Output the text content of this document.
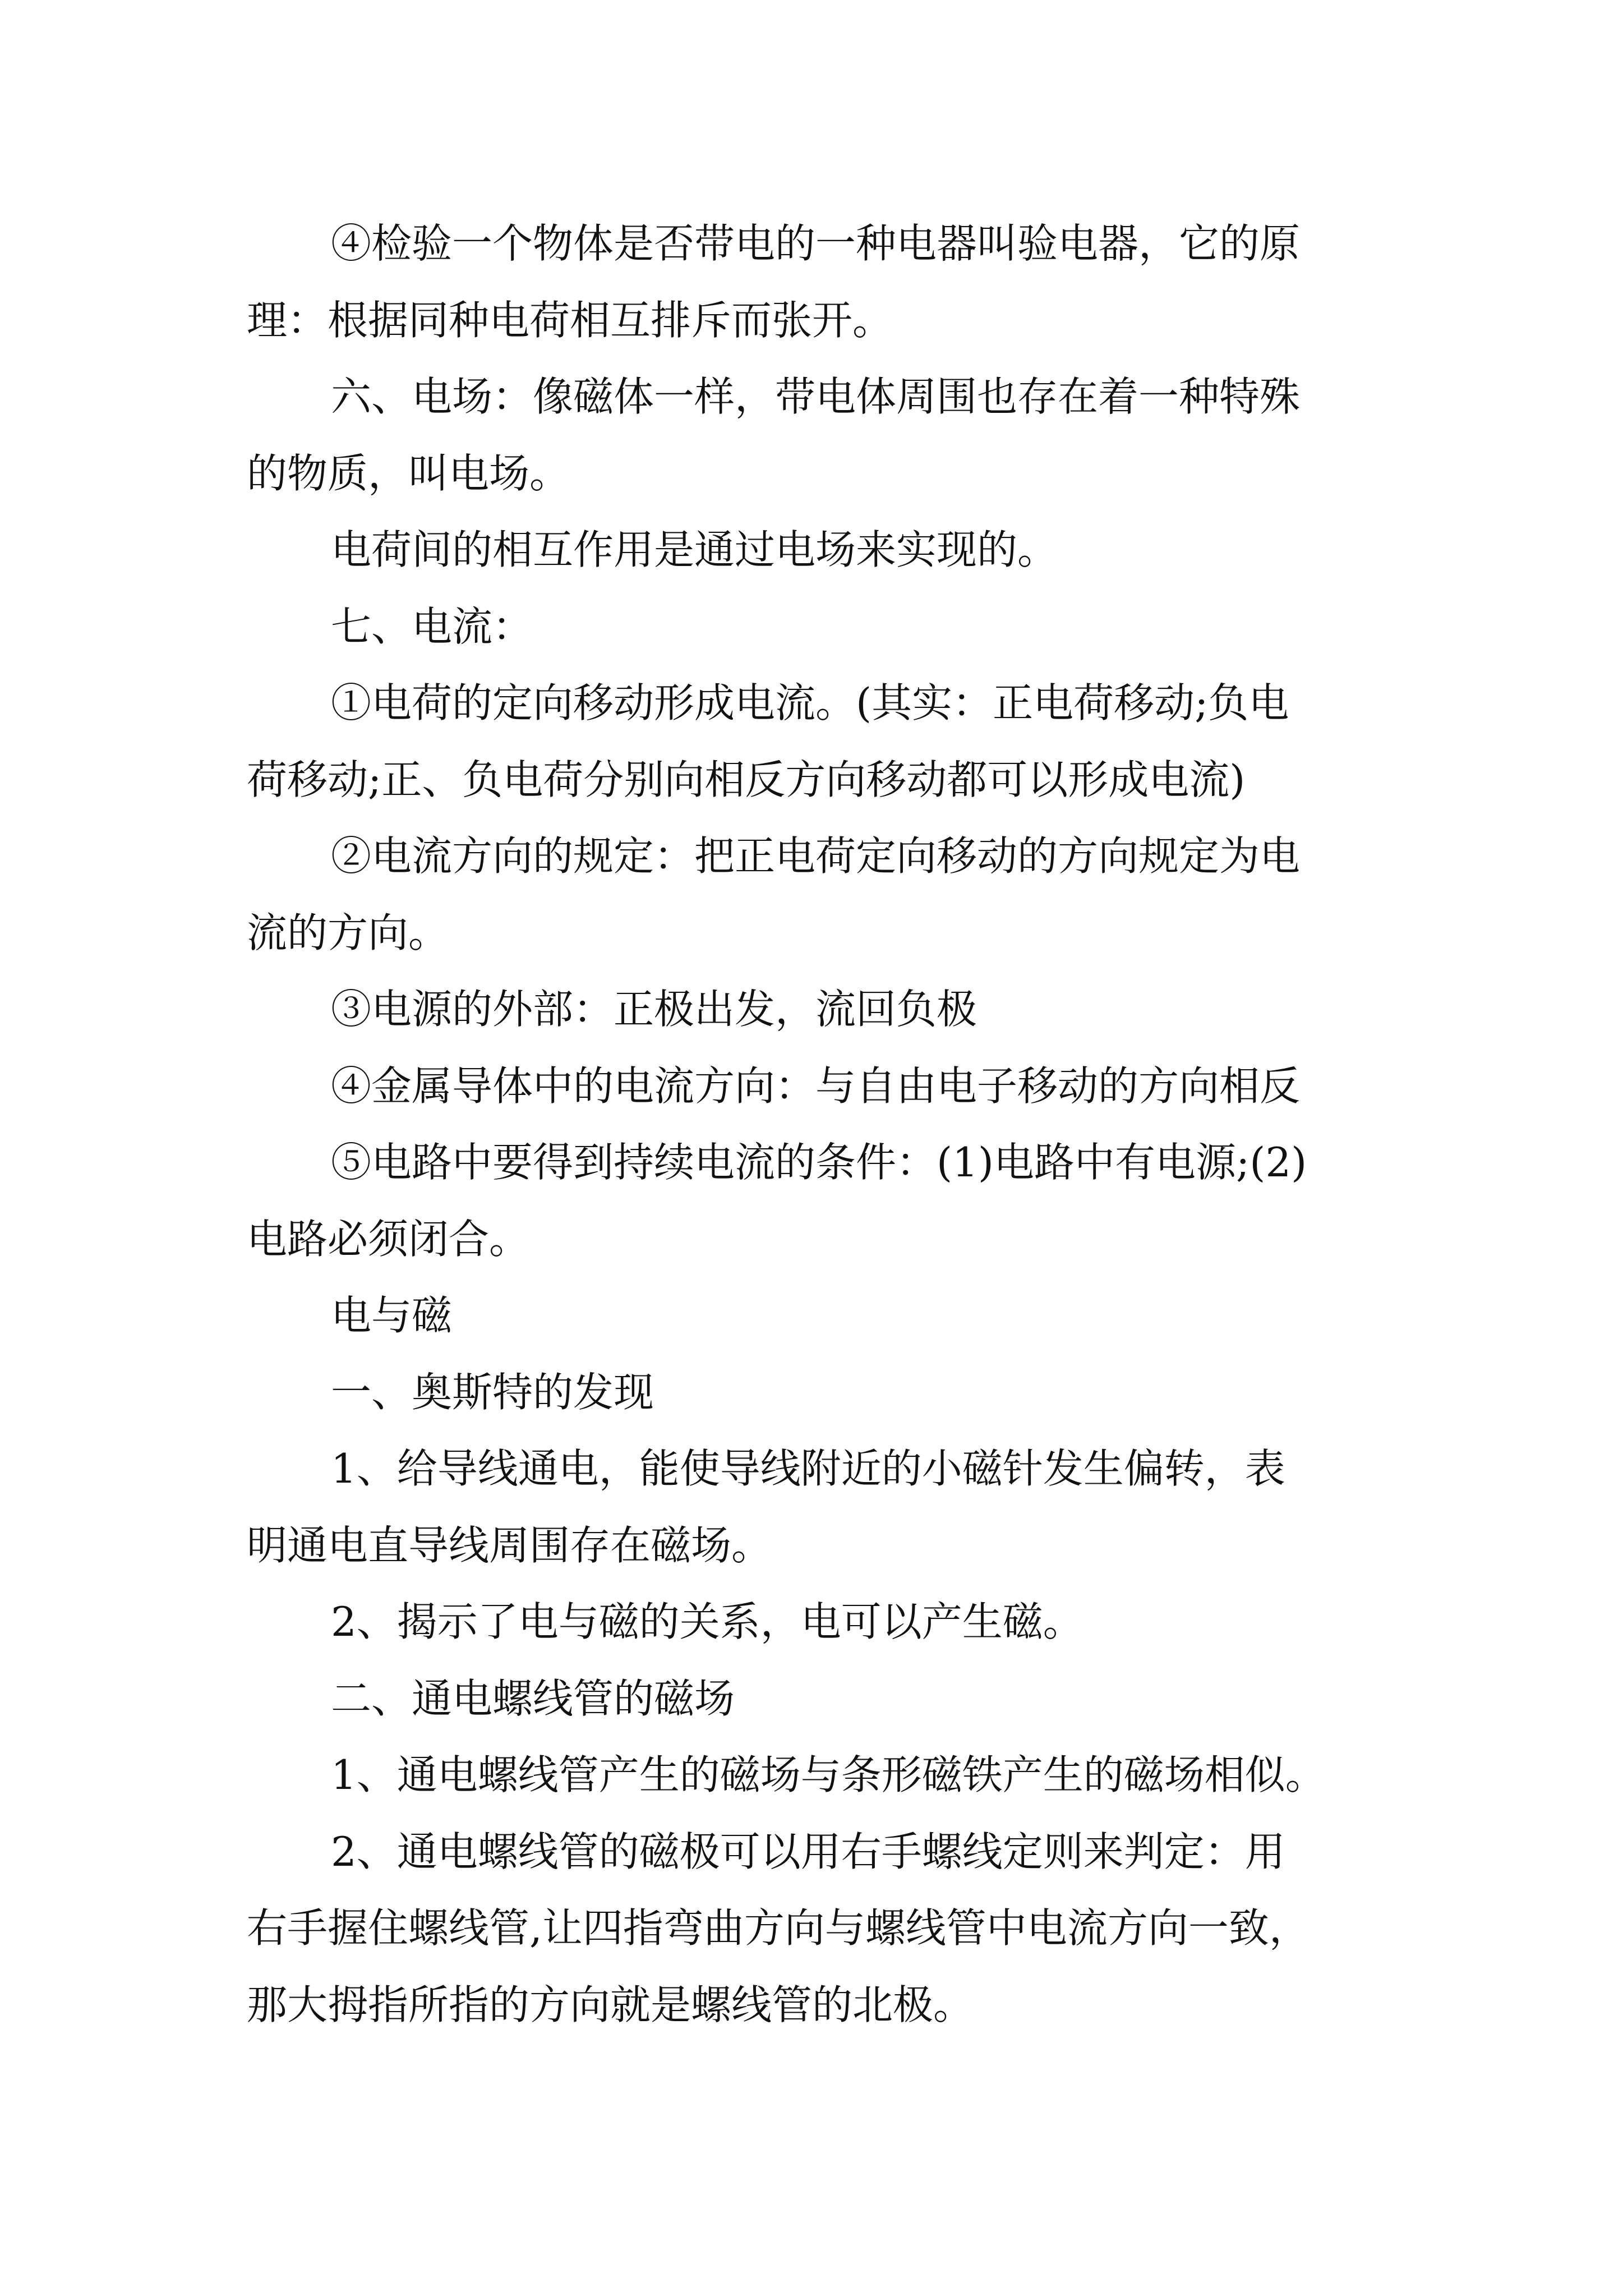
④检验一个物体是否带电的一种电器叫验电器，它的原
理：根据同种电荷相互排斥而张开。
六、电场：像磁体一样，带电体周围也存在着一种特殊
的物质，叫电场。
电荷间的相互作用是通过电场来实现的。
七、电流：
①电荷的定向移动形成电流。(其实：正电荷移动;负电
荷移动;正、负电荷分别向相反方向移动都可以形成电流)
②电流方向的规定：把正电荷定向移动的方向规定为电
流的方向。
③电源的外部：正极出发，流回负极
④金属导体中的电流方向：与自由电子移动的方向相反
⑤电路中要得到持续电流的条件：(1)电路中有电源;(2)
电路必须闭合。
电与磁
一、奥斯特的发现
1、给导线通电，能使导线附近的小磁针发生偏转，表
明通电直导线周围存在磁场。
2、揭示了电与磁的关系，电可以产生磁。
二、通电螺线管的磁场
1、通电螺线管产生的磁场与条形磁铁产生的磁场相似。
2、通电螺线管的磁极可以用右手螺线定则来判定：用
右手握住螺线管,让四指弯曲方向与螺线管中电流方向一致，
那大拇指所指的方向就是螺线管的北极。
